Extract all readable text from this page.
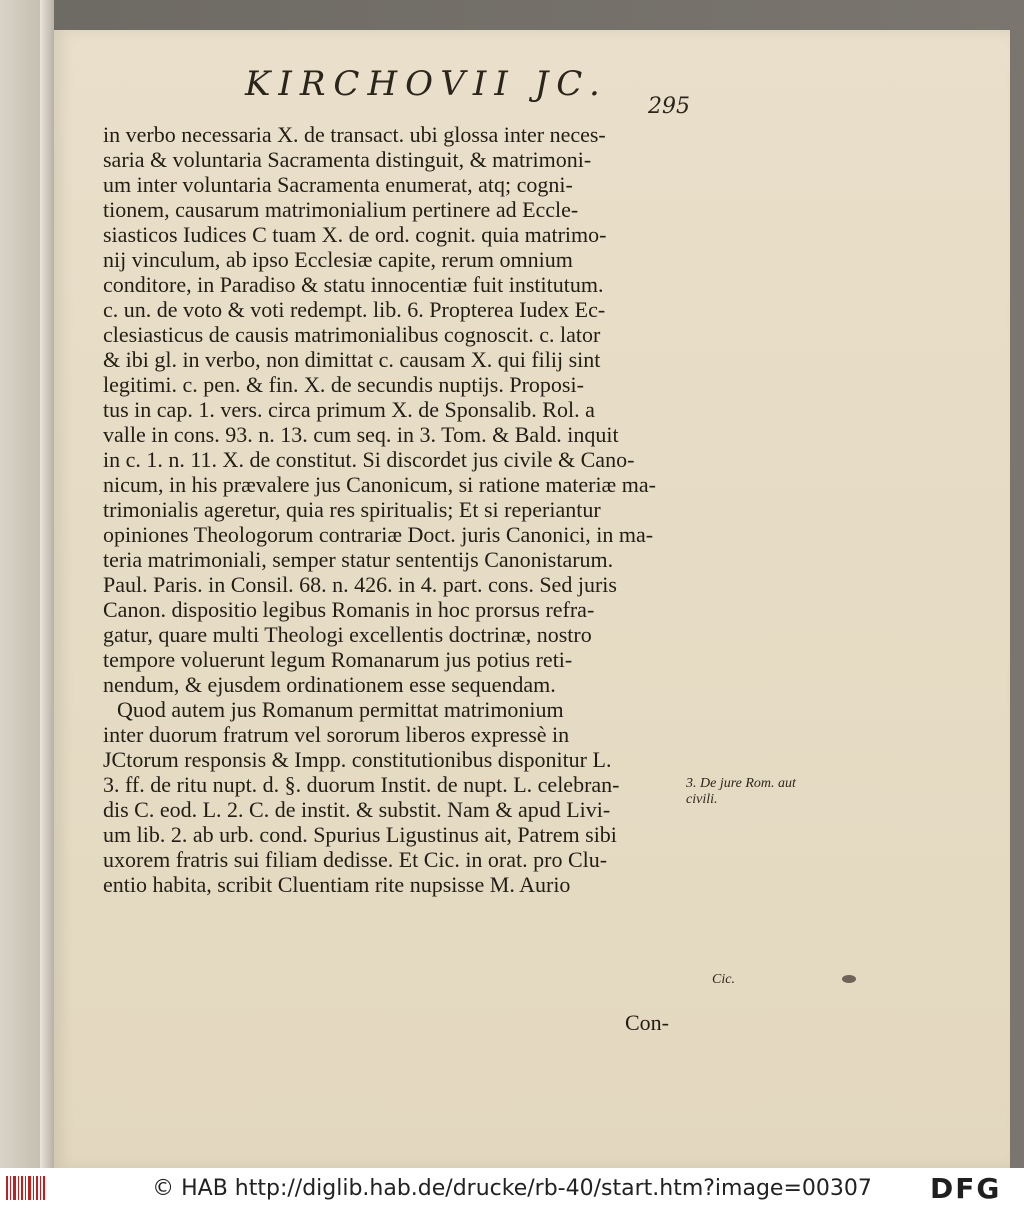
KIRCHOVII JC.
295
in verbo necessaria X. de transact. ubi glossa inter neces-
saria & voluntaria Sacramenta distinguit, & matrimoni-
um inter voluntaria Sacramenta enumerat, atq; cogni-
tionem, causarum matrimonialium pertinere ad Eccle-
siasticos Iudices C tuam X. de ord. cognit. quia matrimo-
nij vinculum, ab ipso Ecclesiæ capite, rerum omnium
conditore, in Paradiso & statu innocentiæ fuit institutum.
c. un. de voto & voti redempt. lib. 6. Propterea Iudex Ec-
clesiasticus de causis matrimonialibus cognoscit. c. lator
& ibi gl. in verbo, non dimittat c. causam X. qui filij sint
legitimi. c. pen. & fin. X. de secundis nuptijs. Proposi-
tus in cap. 1. vers. circa primum X. de Sponsalib. Rol. a
valle in cons. 93. n. 13. cum seq. in 3. Tom. & Bald. inquit
in c. 1. n. 11. X. de constitut. Si discordet jus civile & Cano-
nicum, in his prævalere jus Canonicum, si ratione materiæ ma-
trimonialis ageretur, quia res spiritualis; Et si reperiantur
opiniones Theologorum contrariæ Doct. juris Canonici, in ma-
teria matrimoniali, semper statur sententijs Canonistarum.
Paul. Paris. in Consil. 68. n. 426. in 4. part. cons. Sed juris
Canon. dispositio legibus Romanis in hoc prorsus refra-
gatur, quare multi Theologi excellentis doctrinæ, nostro
tempore voluerunt legum Romanarum jus potius reti-
nendum, & ejusdem ordinationem esse sequendam.
Quod autem jus Romanum permittat matrimonium
inter duorum fratrum vel sororum liberos expressè in
JCtorum responsis & Impp. constitutionibus disponitur L.
3. ff. de ritu nupt. d. §. duorum Instit. de nupt. L. celebran-
dis C. eod. L. 2. C. de instit. & substit. Nam & apud Livi-
um lib. 2. ab urb. cond. Spurius Ligustinus ait, Patrem sibi
uxorem fratris sui filiam dedisse. Et Cic. in orat. pro Clu-
entio habita, scribit Cluentiam rite nupsisse M. Aurio
3. De jure Rom. aut civili.
Cic.
Con-
© HAB http://diglib.hab.de/drucke/rb-40/start.htm?image=00307	DFG
